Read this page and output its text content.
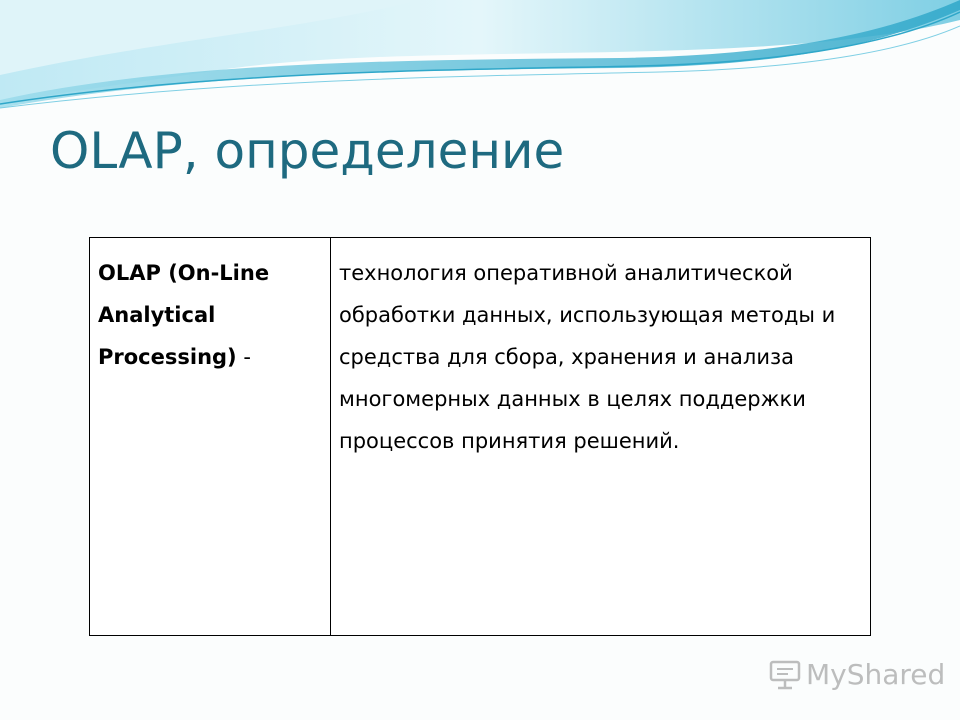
OLAP, определение
OLAP (On-Line Analytical Processing) -	технология оперативной аналитической обработки данных, использующая методы и средства для сбора, хранения и анализа многомерных данных в целях поддержки процессов принятия решений.
MyShared
